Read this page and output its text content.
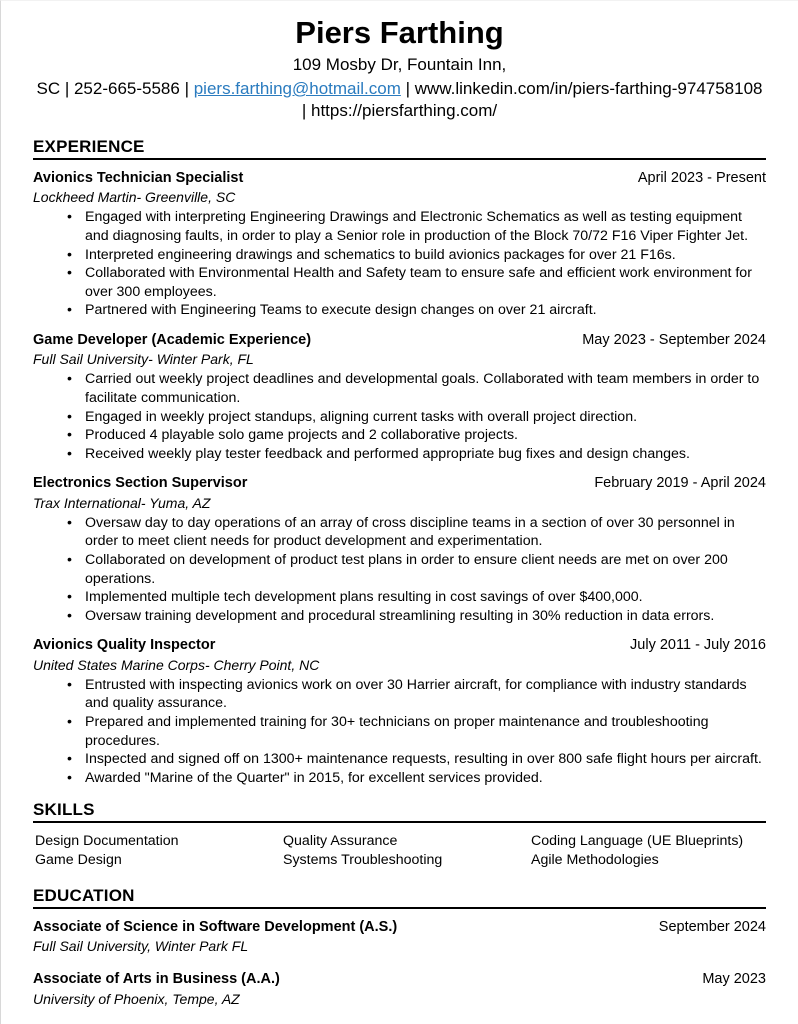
Piers Farthing
109 Mosby Dr, Fountain Inn,
SC | 252-665-5586 | piers.farthing@hotmail.com | www.linkedin.com/in/piers-farthing-974758108 | https://piersfarthing.com/
EXPERIENCE
Avionics Technician Specialist	April 2023 - Present
Lockheed Martin- Greenville, SC
• Engaged with interpreting Engineering Drawings and Electronic Schematics as well as testing equipment and diagnosing faults, in order to play a Senior role in production of the Block 70/72 F16 Viper Fighter Jet.
• Interpreted engineering drawings and schematics to build avionics packages for over 21 F16s.
• Collaborated with Environmental Health and Safety team to ensure safe and efficient work environment for over 300 employees.
• Partnered with Engineering Teams to execute design changes on over 21 aircraft.
Game Developer (Academic Experience)	May 2023 - September 2024
Full Sail University- Winter Park, FL
• Carried out weekly project deadlines and developmental goals. Collaborated with team members in order to facilitate communication.
• Engaged in weekly project standups, aligning current tasks with overall project direction.
• Produced 4 playable solo game projects and 2 collaborative projects.
• Received weekly play tester feedback and performed appropriate bug fixes and design changes.
Electronics Section Supervisor	February 2019 - April 2024
Trax International- Yuma, AZ
• Oversaw day to day operations of an array of cross discipline teams in a section of over 30 personnel in order to meet client needs for product development and experimentation.
• Collaborated on development of product test plans in order to ensure client needs are met on over 200 operations.
• Implemented multiple tech development plans resulting in cost savings of over $400,000.
• Oversaw training development and procedural streamlining resulting in 30% reduction in data errors.
Avionics Quality Inspector	July 2011 - July 2016
United States Marine Corps- Cherry Point, NC
• Entrusted with inspecting avionics work on over 30 Harrier aircraft, for compliance with industry standards and quality assurance.
• Prepared and implemented training for 30+ technicians on proper maintenance and troubleshooting procedures.
• Inspected and signed off on 1300+ maintenance requests, resulting in over 800 safe flight hours per aircraft.
• Awarded "Marine of the Quarter" in 2015, for excellent services provided.
SKILLS
Design Documentation	Quality Assurance	Coding Language (UE Blueprints)
Game Design	Systems Troubleshooting	Agile Methodologies
EDUCATION
Associate of Science in Software Development (A.S.)	September 2024
Full Sail University, Winter Park FL
Associate of Arts in Business (A.A.)	May 2023
University of Phoenix, Tempe, AZ
